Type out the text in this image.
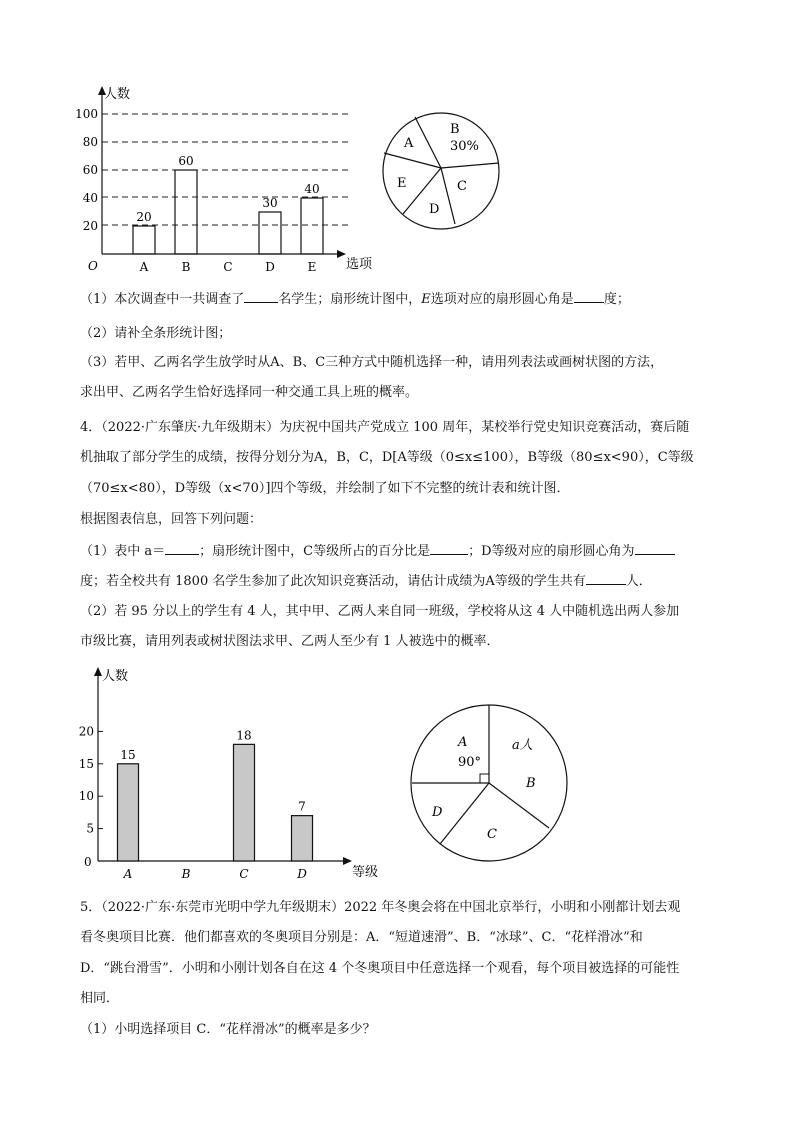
人数
选项
O
20
40
60
80
100
A	B	C	D	E
20
60
30
40
A
B
30%
C
D
E

（1）本次调查中一共调查了	名学生；扇形统计图中，E选项对应的扇形圆心角是 度；

（2）请补全条形统计图；

（3）若甲、乙两名学生放学时从A、B、C三种方式中随机选择一种，请用列表法或画树状图的方法，

求出甲、乙两名学生恰好选择同一种交通工具上班的概率。

4．（2022·广东肇庆·九年级期末）为庆祝中国共产党成立 100 周年，某校举行党史知识竞赛活动，赛后随

机抽取了部分学生的成绩，按得分划分为A，B，C，D[A等级（0≤x≤100），B等级（80≤x<90），C等级

（70≤x<80），D等级（x<70）]四个等级，并绘制了如下不完整的统计表和统计图．

根据图表信息，回答下列问题：

（1）表中 a＝	；扇形统计图中，C等级所占的百分比是	；D等级对应的扇形圆心角为

度；若全校共有 1800 名学生参加了此次知识竞赛活动，请估计成绩为A等级的学生共有	人．

（2）若 95 分以上的学生有 4 人，其中甲、乙两人来自同一班级，学校将从这 4 人中随机选出两人参加

市级比赛，请用列表或树状图法求甲、乙两人至少有 1 人被选中的概率．

人数
等级
0
5
10
15
20
A	B	C	D
15
18
7
A
90°
a人
B
C
D

5．（2022·广东·东莞市光明中学九年级期末）2022 年冬奥会将在中国北京举行，小明和小刚都计划去观

看冬奥项目比赛．他们都喜欢的冬奥项目分别是：A．“短道速滑”、B．“冰球”、C．“花样滑冰”和

D．“跳台滑雪”．小明和小刚计划各自在这 4 个冬奥项目中任意选择一个观看，每个项目被选择的可能性

相同．

（1）小明选择项目 C．“花样滑冰”的概率是多少？
